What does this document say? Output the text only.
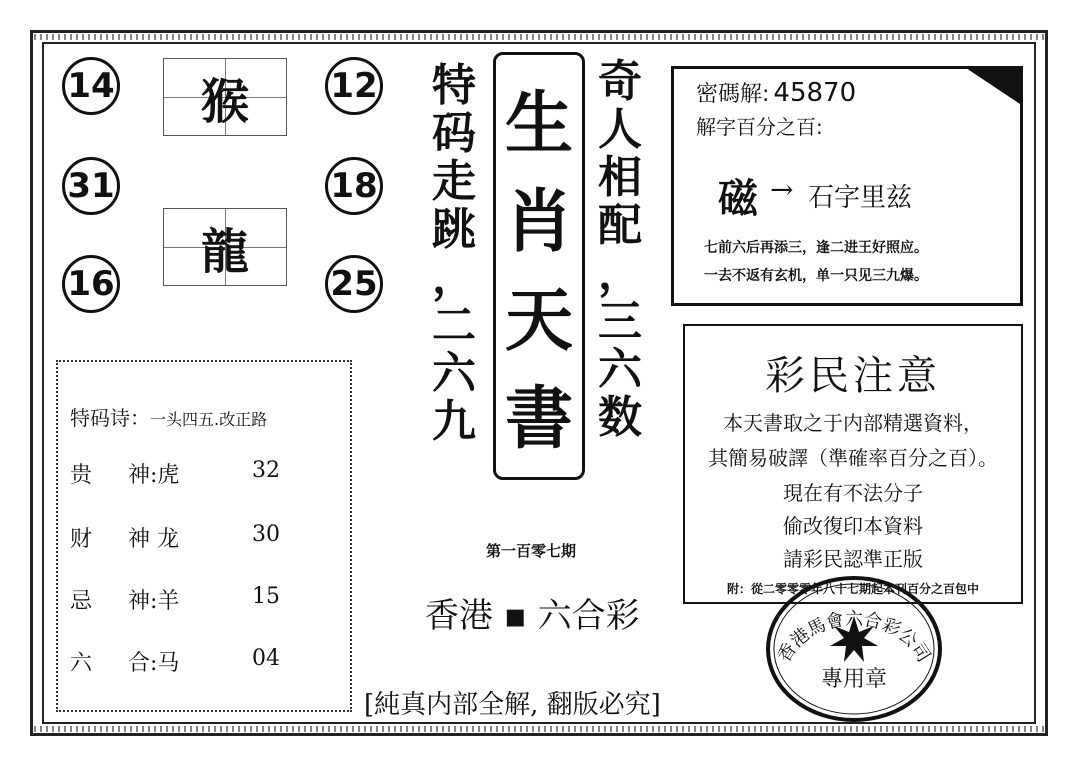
14
31
16
猴
龍
12
18
25
特
码
走
跳
，
二
六
九
生
肖
天
書
奇
人
相
配
，
三
六
数
第一百零七期
香港 ▪ 六合彩
密碼解: 45870
解字百分之百:
磁 → 石字里兹
七前六后再添三，逢二进王好照应。
一去不返有玄机，单一只见三九爆。
彩民注意
本天書取之于内部精選資料，
其簡易破譯（準確率百分之百）。
現在有不法分子
偷改復印本資料
請彩民認準正版
附：從二零零零年八十七期起本刊百分之百包中
特码诗：一头四五.改正路
贵	神:虎	32
财	神 龙	30
忌	神:羊	15
六	合:马	04
[純真内部全解, 翻版必究]
專用章
香港馬會六合彩公司
